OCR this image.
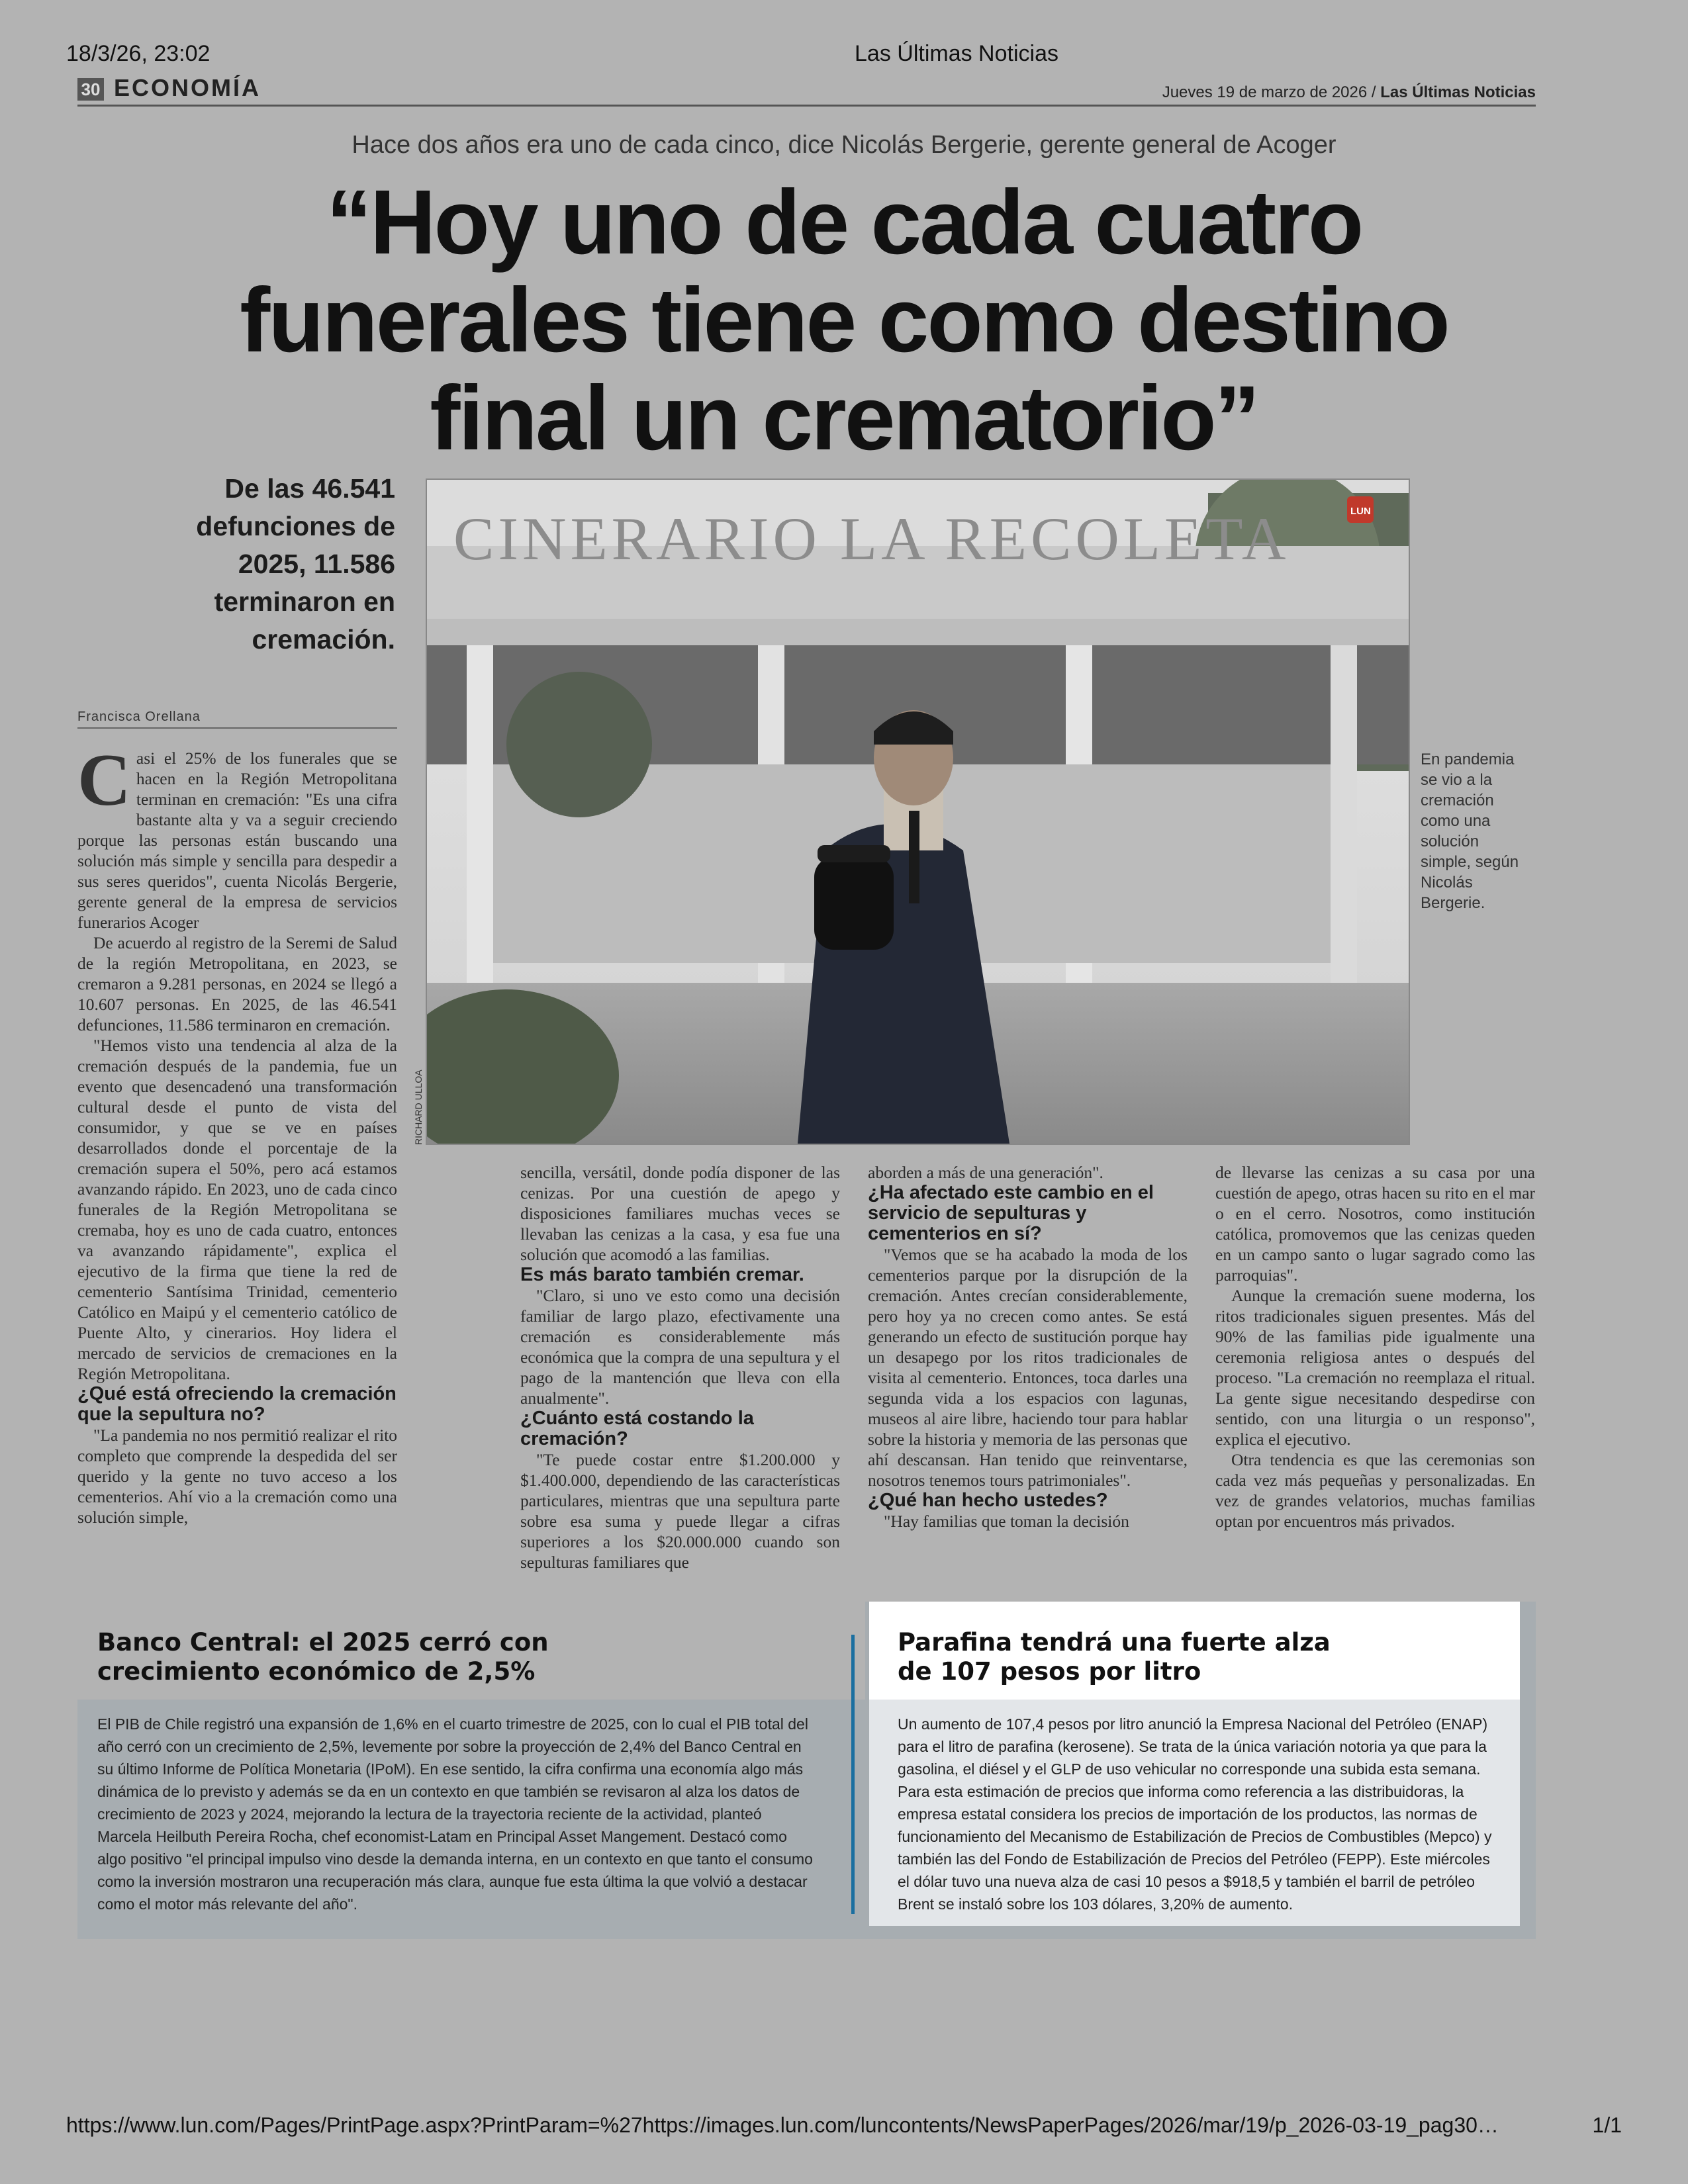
18/3/26, 23:02	Las Últimas Noticias
30 ECONOMÍA	Jueves 19 de marzo de 2026 / Las Últimas Noticias
Hace dos años era uno de cada cinco, dice Nicolás Bergerie, gerente general de Acoger
“Hoy uno de cada cuatro funerales tiene como destino final un crematorio”
De las 46.541 defunciones de 2025, 11.586 terminaron en cremación.
CINERARIO LA RECOLETA	LUN
RICHARD ULLOA
En pandemia se vio a la cremación como una solución simple, según Nicolás Bergerie.
Francisca Orellana

Casi el 25% de los funerales que se hacen en la Región Metropolitana terminan en cremación: "Es una cifra bastante alta y va a seguir creciendo porque las personas están buscando una solución más simple y sencilla para despedir a sus seres queridos", cuenta Nicolás Bergerie, gerente general de la empresa de servicios funerarios Acoger

De acuerdo al registro de la Seremi de Salud de la región Metropolitana, en 2023, se cremaron a 9.281 personas, en 2024 se llegó a 10.607 personas. En 2025, de las 46.541 defunciones, 11.586 terminaron en cremación.

"Hemos visto una tendencia al alza de la cremación después de la pandemia, fue un evento que desencadenó una transformación cultural desde el punto de vista del consumidor, y que se ve en países desarrollados donde el porcentaje de la cremación supera el 50%, pero acá estamos avanzando rápido. En 2023, uno de cada cinco funerales de la Región Metropolitana se cremaba, hoy es uno de cada cuatro, entonces va avanzando rápidamente", explica el ejecutivo de la firma que tiene la red de cementerio Santísima Trinidad, cementerio Católico en Maipú y el cementerio católico de Puente Alto, y cinerarios. Hoy lidera el mercado de servicios de cremaciones en la Región Metropolitana.

¿Qué está ofreciendo la cremación que la sepultura no?

"La pandemia no nos permitió realizar el rito completo que comprende la despedida del ser querido y la gente no tuvo acceso a los cementerios. Ahí vio a la cremación como una solución simple,

sencilla, versátil, donde podía disponer de las cenizas. Por una cuestión de apego y disposiciones familiares muchas veces se llevaban las cenizas a la casa, y esa fue una solución que acomodó a las familias.

Es más barato también cremar.

"Claro, si uno ve esto como una decisión familiar de largo plazo, efectivamente una cremación es considerablemente más económica que la compra de una sepultura y el pago de la mantención que lleva con ella anualmente".

¿Cuánto está costando la cremación?

"Te puede costar entre $1.200.000 y $1.400.000, dependiendo de las características particulares, mientras que una sepultura parte sobre esa suma y puede llegar a cifras superiores a los $20.000.000 cuando son sepulturas familiares que

aborden a más de una generación".

¿Ha afectado este cambio en el servicio de sepulturas y cementerios en sí?

"Vemos que se ha acabado la moda de los cementerios parque por la disrupción de la cremación. Antes crecían considerablemente, pero hoy ya no crecen como antes. Se está generando un efecto de sustitución porque hay un desapego por los ritos tradicionales de visita al cementerio. Entonces, toca darles una segunda vida a los espacios con lagunas, museos al aire libre, haciendo tour para hablar sobre la historia y memoria de las personas que ahí descansan. Han tenido que reinventarse, nosotros tenemos tours patrimoniales".

¿Qué han hecho ustedes?

"Hay familias que toman la decisión

de llevarse las cenizas a su casa por una cuestión de apego, otras hacen su rito en el mar o en el cerro. Nosotros, como institución católica, promovemos que las cenizas queden en un campo santo o lugar sagrado como las parroquias".

Aunque la cremación suene moderna, los ritos tradicionales siguen presentes. Más del 90% de las familias pide igualmente una ceremonia religiosa antes o después del proceso. "La cremación no reemplaza el ritual. La gente sigue necesitando despedirse con sentido, con una liturgia o un responso", explica el ejecutivo.

Otra tendencia es que las ceremonias son cada vez más pequeñas y personalizadas. En vez de grandes velatorios, muchas familias optan por encuentros más privados.

Banco Central: el 2025 cerró con crecimiento económico de 2,5%
El PIB de Chile registró una expansión de 1,6% en el cuarto trimestre de 2025, con lo cual el PIB total del año cerró con un crecimiento de 2,5%, levemente por sobre la proyección de 2,4% del Banco Central en su último Informe de Política Monetaria (IPoM). En ese sentido, la cifra confirma una economía algo más dinámica de lo previsto y además se da en un contexto en que también se revisaron al alza los datos de crecimiento de 2023 y 2024, mejorando la lectura de la trayectoria reciente de la actividad, planteó Marcela Heilbuth Pereira Rocha, chef economist-Latam en Principal Asset Mangement. Destacó como algo positivo "el principal impulso vino desde la demanda interna, en un contexto en que tanto el consumo como la inversión mostraron una recuperación más clara, aunque fue esta última la que volvió a destacar como el motor más relevante del año".
Parafina tendrá una fuerte alza de 107 pesos por litro
Un aumento de 107,4 pesos por litro anunció la Empresa Nacional del Petróleo (ENAP) para el litro de parafina (kerosene). Se trata de la única variación notoria ya que para la gasolina, el diésel y el GLP de uso vehicular no corresponde una subida esta semana. Para esta estimación de precios que informa como referencia a las distribuidoras, la empresa estatal considera los precios de importación de los productos, las normas de funcionamiento del Mecanismo de Estabilización de Precios de Combustibles (Mepco) y también las del Fondo de Estabilización de Precios del Petróleo (FEPP). Este miércoles el dólar tuvo una nueva alza de casi 10 pesos a $918,5 y también el barril de petróleo Brent se instaló sobre los 103 dólares, 3,20% de aumento.
https://www.lun.com/Pages/PrintPage.aspx?PrintParam=%27https://images.lun.com/luncontents/NewsPaperPages/2026/mar/19/p_2026-03-19_pag30…	1/1
